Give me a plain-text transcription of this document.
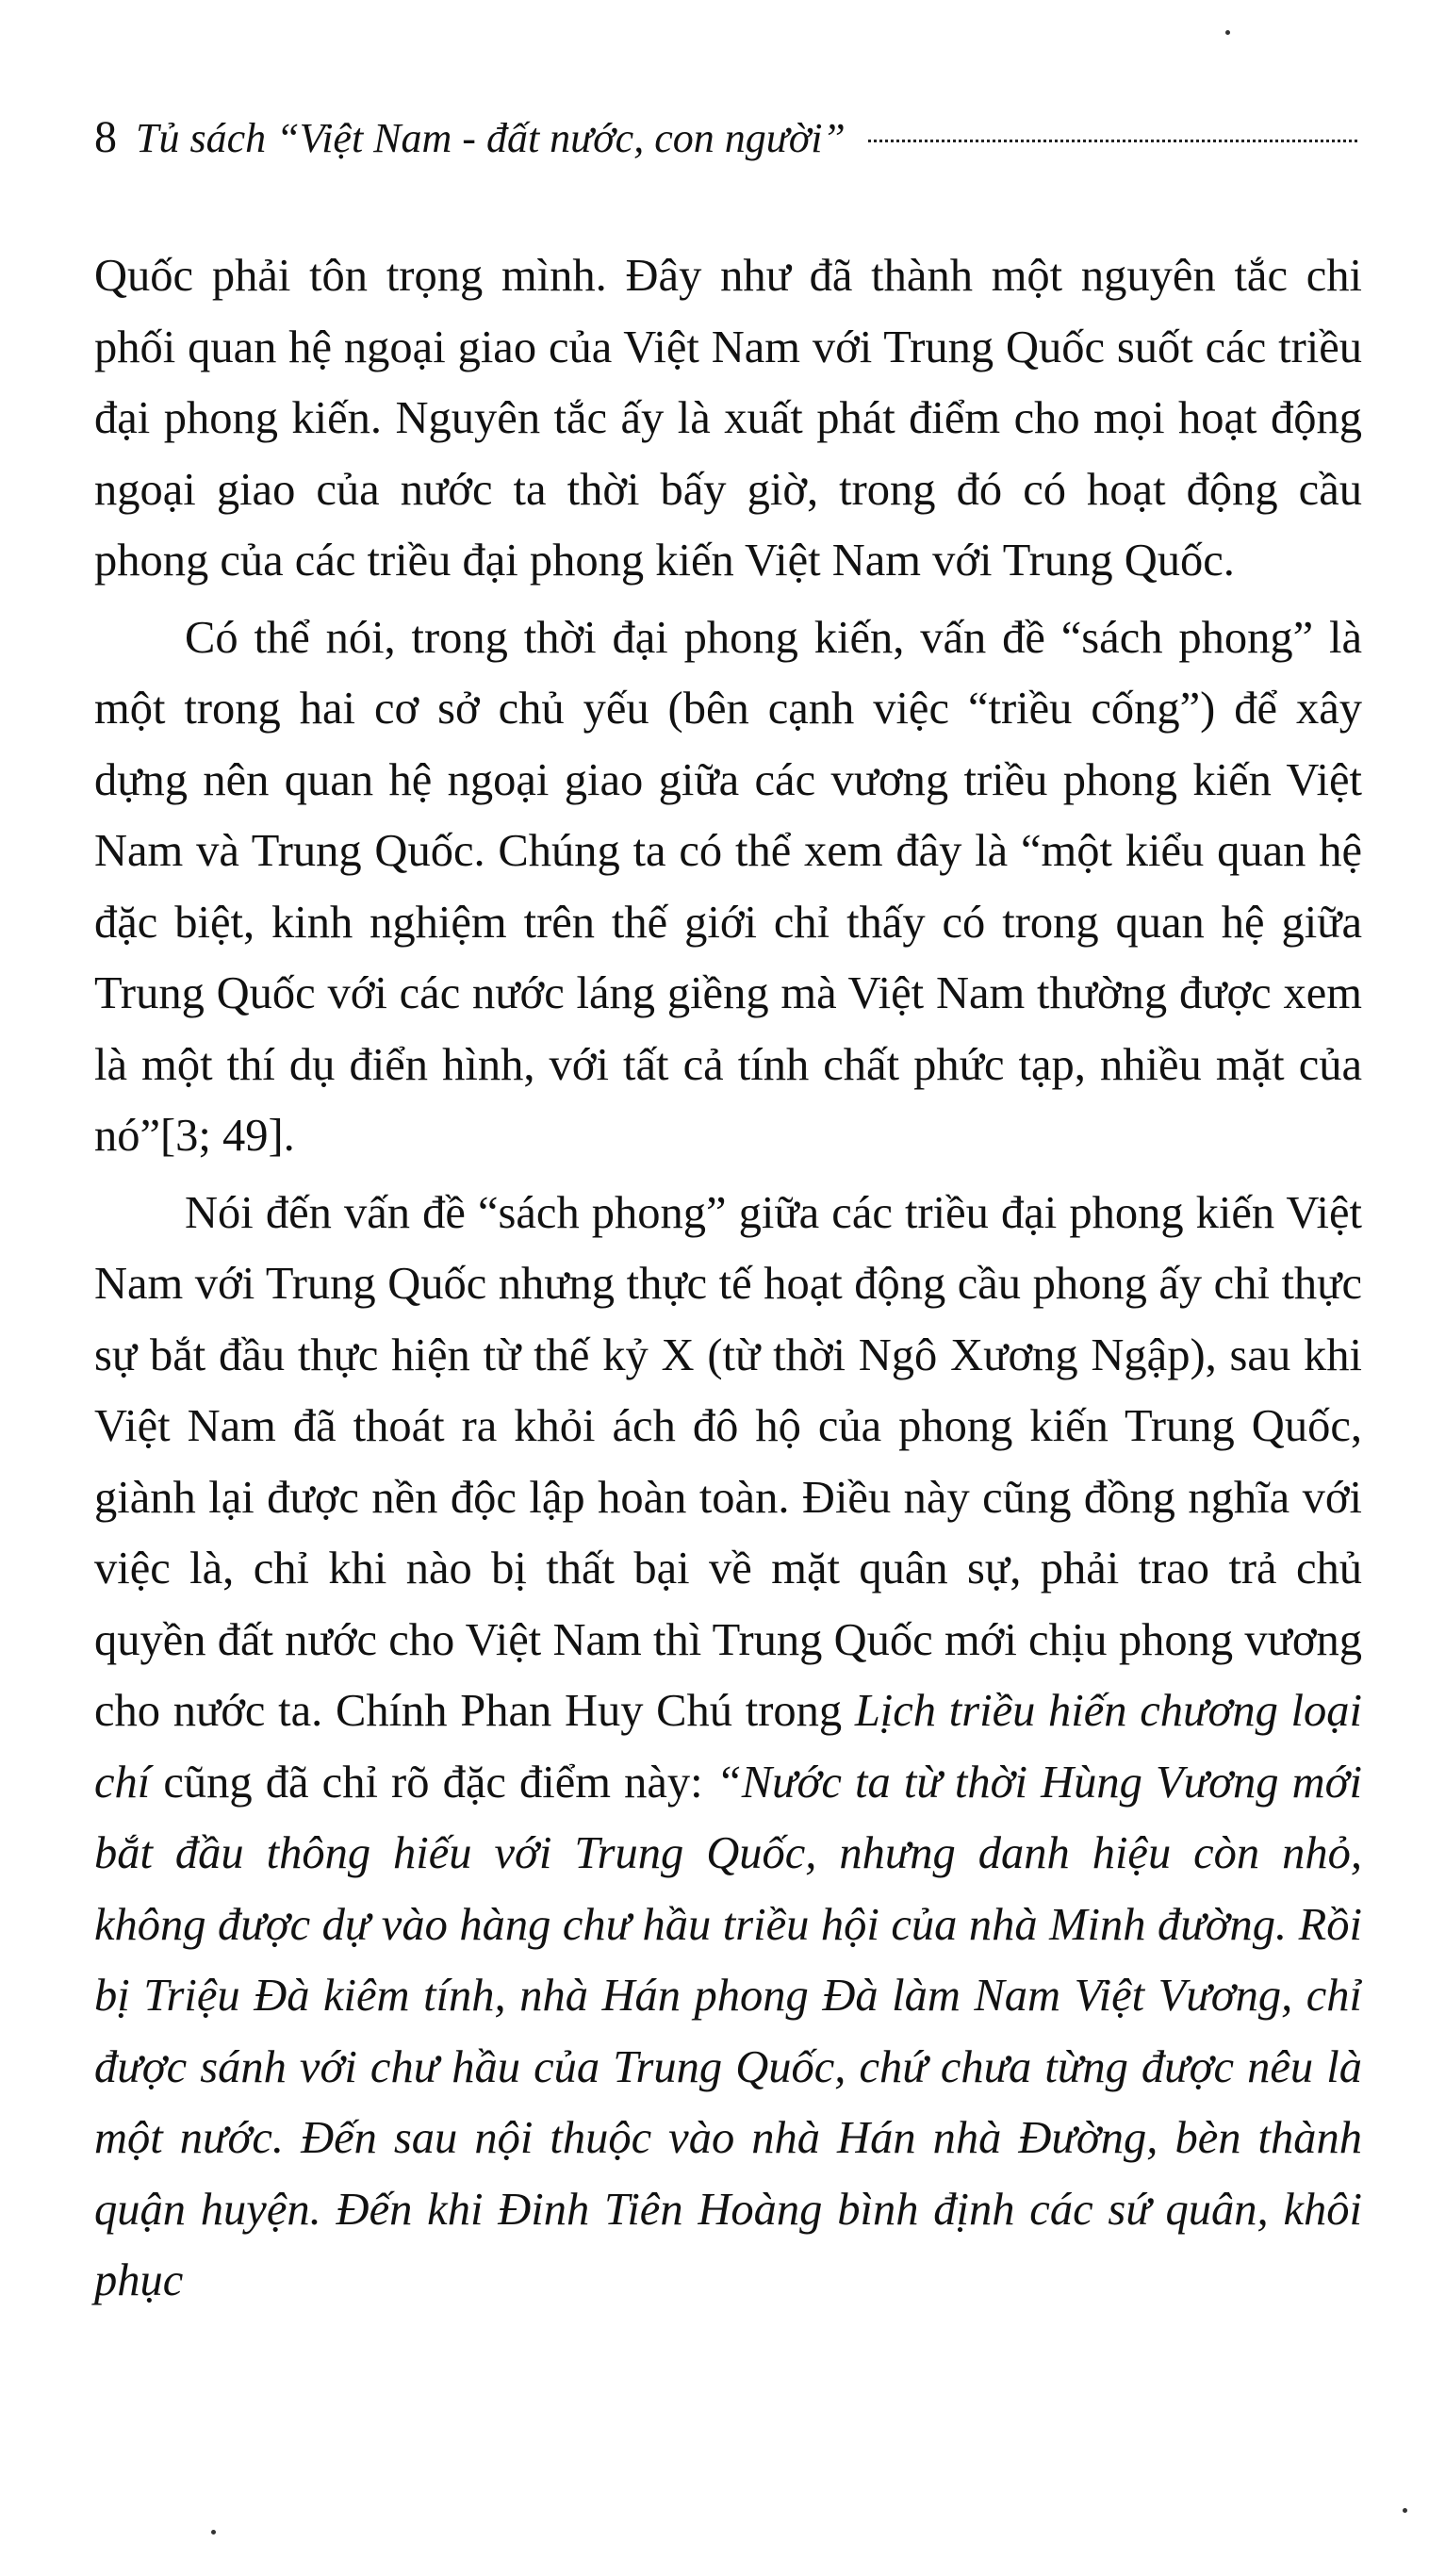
8 Tủ sách “Việt Nam - đất nước, con người”

Quốc phải tôn trọng mình. Đây như đã thành một nguyên tắc chi phối quan hệ ngoại giao của Việt Nam với Trung Quốc suốt các triều đại phong kiến. Nguyên tắc ấy là xuất phát điểm cho mọi hoạt động ngoại giao của nước ta thời bấy giờ, trong đó có hoạt động cầu phong của các triều đại phong kiến Việt Nam với Trung Quốc.

Có thể nói, trong thời đại phong kiến, vấn đề “sách phong” là một trong hai cơ sở chủ yếu (bên cạnh việc “triều cống”) để xây dựng nên quan hệ ngoại giao giữa các vương triều phong kiến Việt Nam và Trung Quốc. Chúng ta có thể xem đây là “một kiểu quan hệ đặc biệt, kinh nghiệm trên thế giới chỉ thấy có trong quan hệ giữa Trung Quốc với các nước láng giềng mà Việt Nam thường được xem là một thí dụ điển hình, với tất cả tính chất phức tạp, nhiều mặt của nó”[3; 49].

Nói đến vấn đề “sách phong” giữa các triều đại phong kiến Việt Nam với Trung Quốc nhưng thực tế hoạt động cầu phong ấy chỉ thực sự bắt đầu thực hiện từ thế kỷ X (từ thời Ngô Xương Ngập), sau khi Việt Nam đã thoát ra khỏi ách đô hộ của phong kiến Trung Quốc, giành lại được nền độc lập hoàn toàn. Điều này cũng đồng nghĩa với việc là, chỉ khi nào bị thất bại về mặt quân sự, phải trao trả chủ quyền đất nước cho Việt Nam thì Trung Quốc mới chịu phong vương cho nước ta. Chính Phan Huy Chú trong Lịch triều hiến chương loại chí cũng đã chỉ rõ đặc điểm này: “Nước ta từ thời Hùng Vương mới bắt đầu thông hiếu với Trung Quốc, nhưng danh hiệu còn nhỏ, không được dự vào hàng chư hầu triều hội của nhà Minh đường. Rồi bị Triệu Đà kiêm tính, nhà Hán phong Đà làm Nam Việt Vương, chỉ được sánh với chư hầu của Trung Quốc, chứ chưa từng được nêu là một nước. Đến sau nội thuộc vào nhà Hán nhà Đường, bèn thành quận huyện. Đến khi Đinh Tiên Hoàng bình định các sứ quân, khôi phục
